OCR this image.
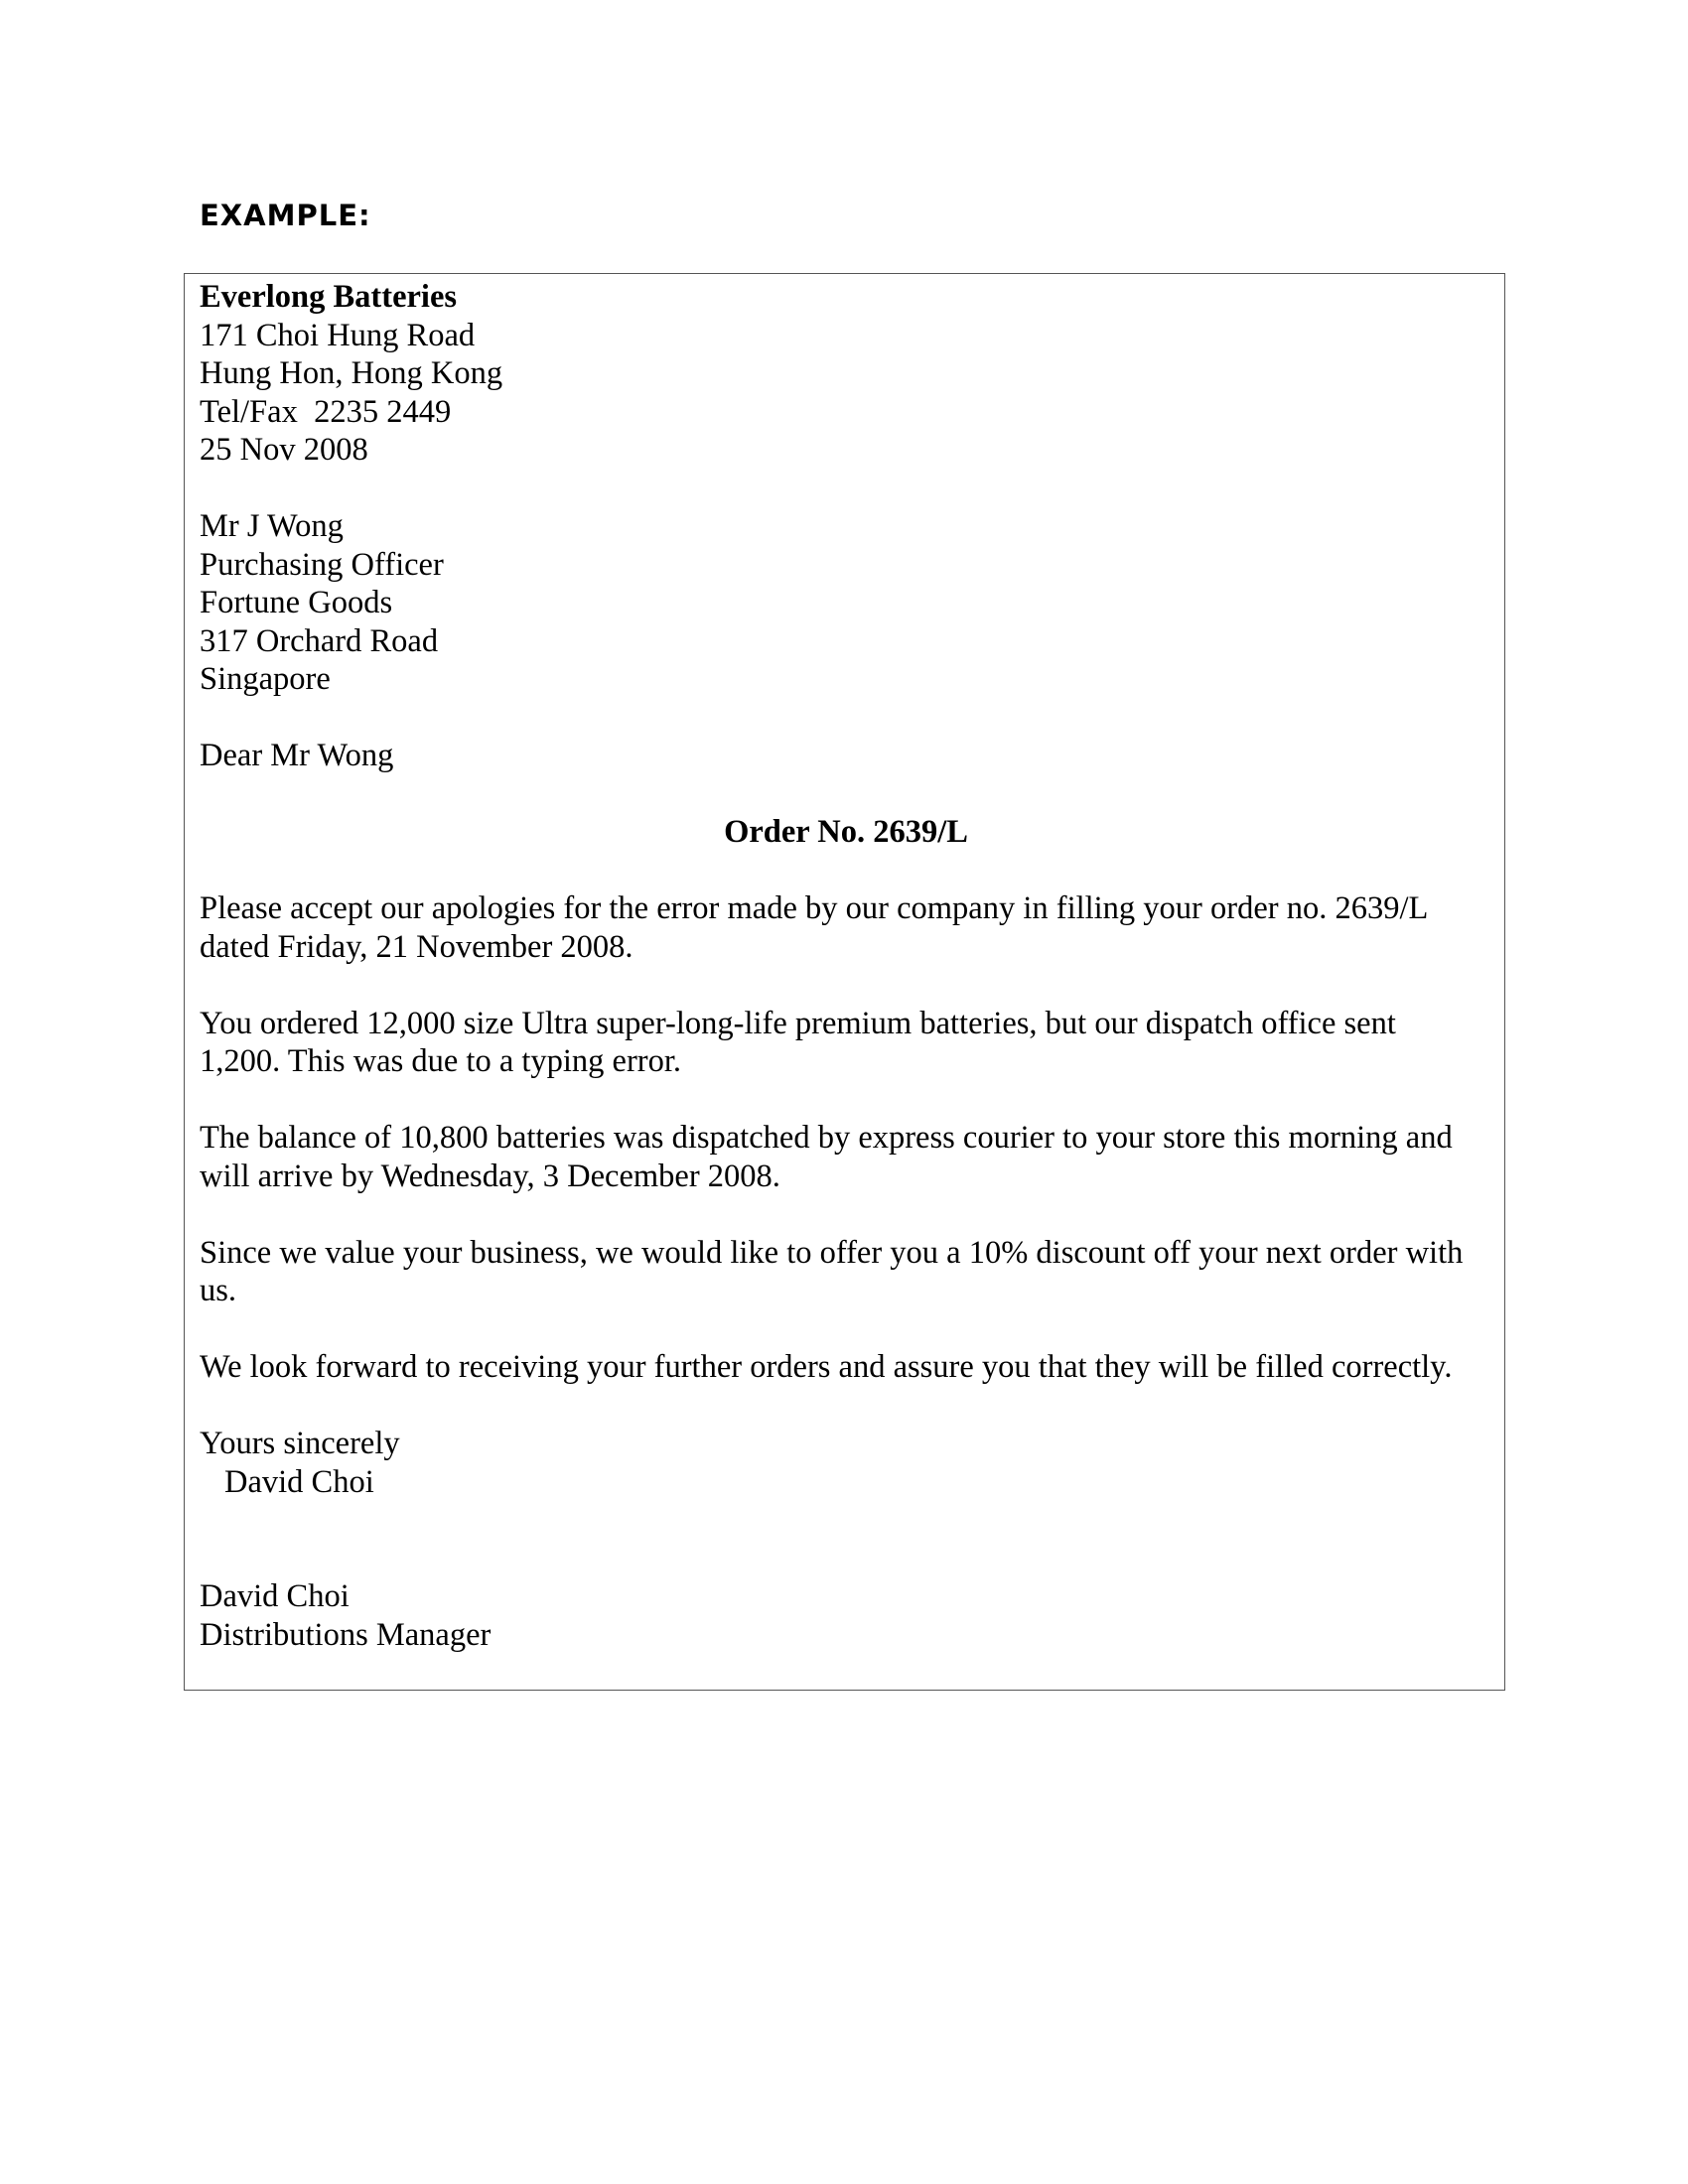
EXAMPLE:
Everlong Batteries
171 Choi Hung Road
Hung Hon, Hong Kong
Tel/Fax  2235 2449
25 Nov 2008
Mr J Wong
Purchasing Officer
Fortune Goods
317 Orchard Road
Singapore
Dear Mr Wong
Order No. 2639/L

Please accept our apologies for the error made by our company in filling your order no. 2639/L dated Friday, 21 November 2008.

You ordered 12,000 size Ultra super-long-life premium batteries, but our dispatch office sent 1,200. This was due to a typing error.

The balance of 10,800 batteries was dispatched by express courier to your store this morning and will arrive by Wednesday, 3 December 2008.

Since we value your business, we would like to offer you a 10% discount off your next order with us.

We look forward to receiving your further orders and assure you that they will be filled correctly.

Yours sincerely
David Choi
David Choi
Distributions Manager
